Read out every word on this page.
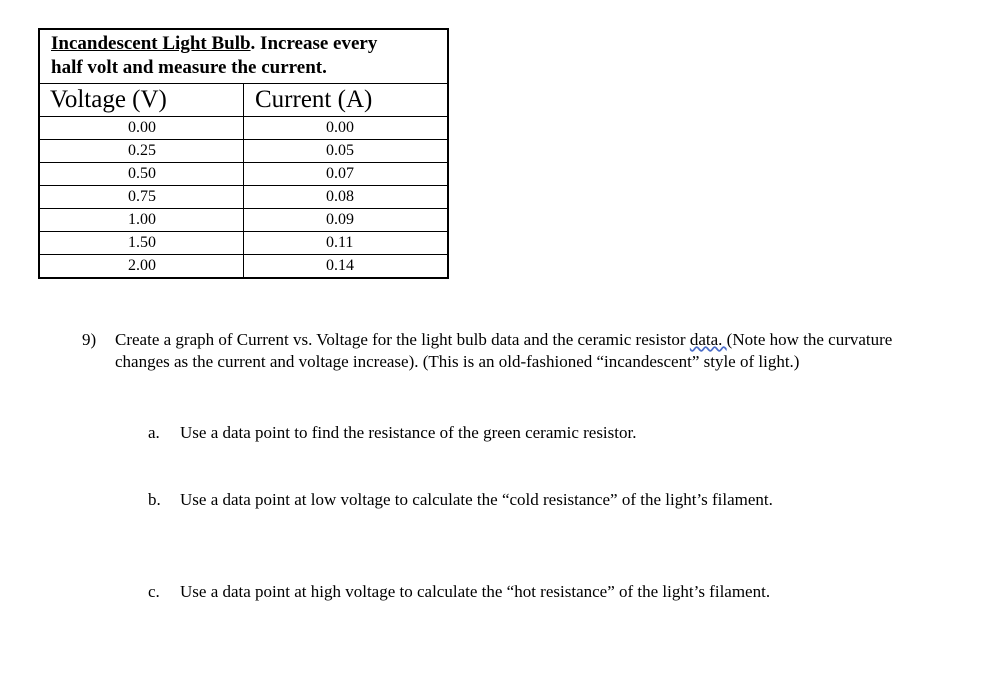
Incandescent Light Bulb. Increase every
half volt and measure the current.	

Voltage (V)	Current (A)
0.00	0.00
0.25	0.05
0.50	0.07
0.75	0.08
1.00	0.09
1.50	0.11
2.00	0.14
9) Create a graph of Current vs. Voltage for the light bulb data and the ceramic resistor data. (Note how the curvature changes as the current and voltage increase). (This is an old-fashioned “incandescent” style of light.)
a. Use a data point to find the resistance of the green ceramic resistor.
b. Use a data point at low voltage to calculate the “cold resistance” of the light’s filament.
c. Use a data point at high voltage to calculate the “hot resistance” of the light’s filament.
